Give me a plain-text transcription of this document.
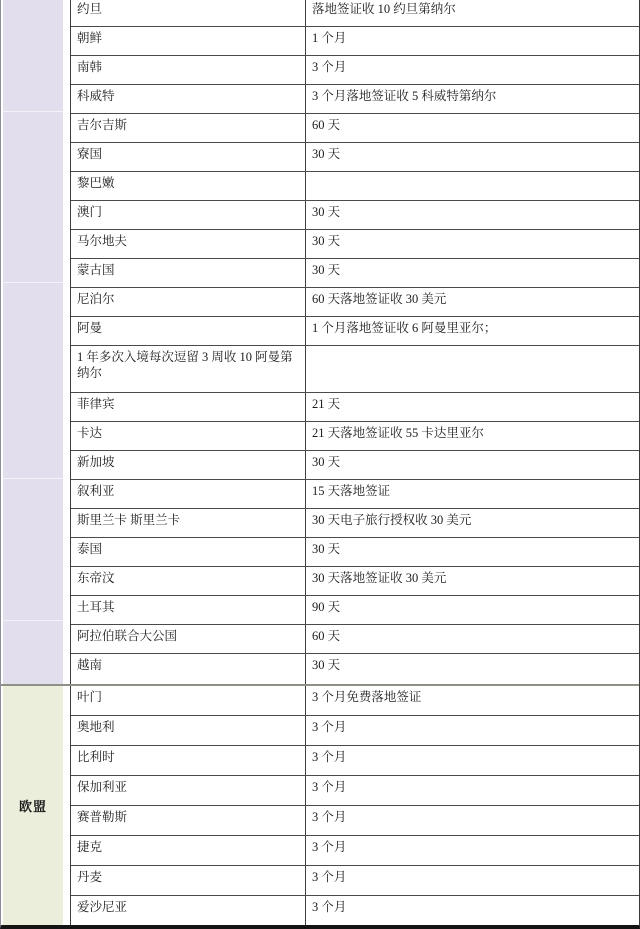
约旦	落地签证收 10 约旦第纳尔
朝鲜	1 个月
南韩	3 个月
科威特	3 个月落地签证收 5 科威特第纳尔
吉尔吉斯	60 天
寮国	30 天
黎巴嫩
澳门	30 天
马尔地夫	30 天
蒙古国	30 天
尼泊尔	60 天落地签证收 30 美元
阿曼	1 个月落地签证收 6 阿曼里亚尔；
1 年多次入境每次逗留 3 周收 10 阿曼第纳尔
菲律宾	21 天
卡达	21 天落地签证收 55 卡达里亚尔
新加坡	30 天
叙利亚	15 天落地签证
斯里兰卡 斯里兰卡	30 天电子旅行授权收 30 美元
泰国	30 天
东帝汶	30 天落地签证收 30 美元
土耳其	90 天
阿拉伯联合大公国	60 天
越南	30 天
欧盟
叶门	3 个月免费落地签证
奥地利	3 个月
比利时	3 个月
保加利亚	3 个月
赛普勒斯	3 个月
捷克	3 个月
丹麦	3 个月
爱沙尼亚	3 个月
